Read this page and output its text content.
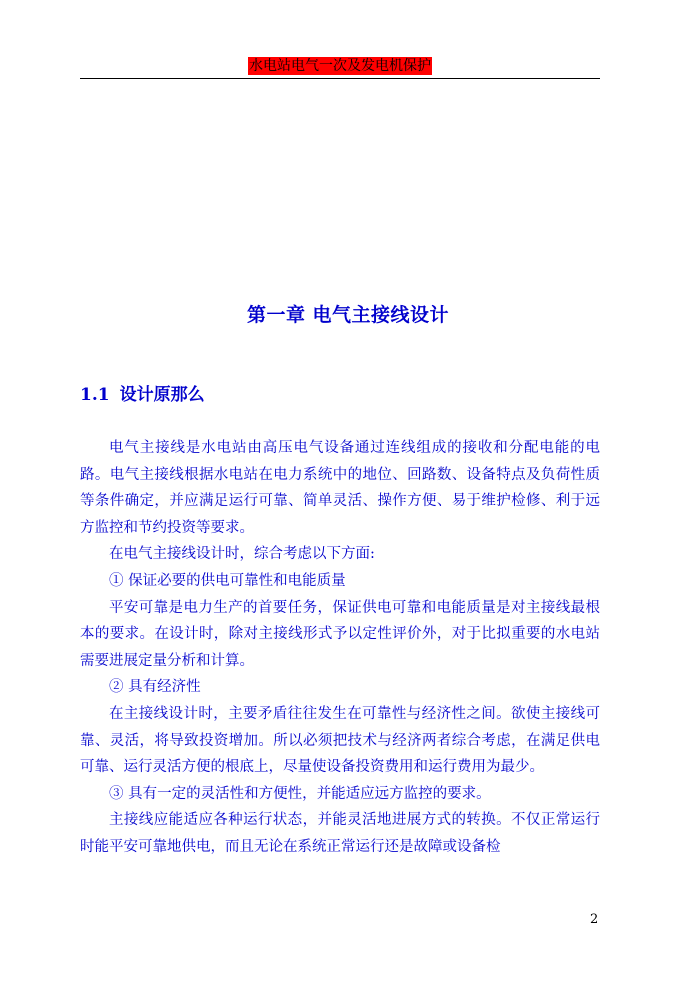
水电站电气一次及发电机保护
第一章 电气主接线设计
1.1 设计原那么

电气主接线是水电站由高压电气设备通过连线组成的接收和分配电能的电路。电气主接线根据水电站在电力系统中的地位、回路数、设备特点及负荷性质等条件确定，并应满足运行可靠、简单灵活、操作方便、易于维护检修、利于远方监控和节约投资等要求。

在电气主接线设计时，综合考虑以下方面:

① 保证必要的供电可靠性和电能质量

平安可靠是电力生产的首要任务，保证供电可靠和电能质量是对主接线最根本的要求。在设计时，除对主接线形式予以定性评价外，对于比拟重要的水电站需要进展定量分析和计算。

② 具有经济性

在主接线设计时，主要矛盾往往发生在可靠性与经济性之间。欲使主接线可靠、灵活，将导致投资增加。所以必须把技术与经济两者综合考虑，在满足供电可靠、运行灵活方便的根底上，尽量使设备投资费用和运行费用为最少。

③ 具有一定的灵活性和方便性，并能适应远方监控的要求。

主接线应能适应各种运行状态，并能灵活地进展方式的转换。不仅正常运行时能平安可靠地供电，而且无论在系统正常运行还是故障或设备检

2
